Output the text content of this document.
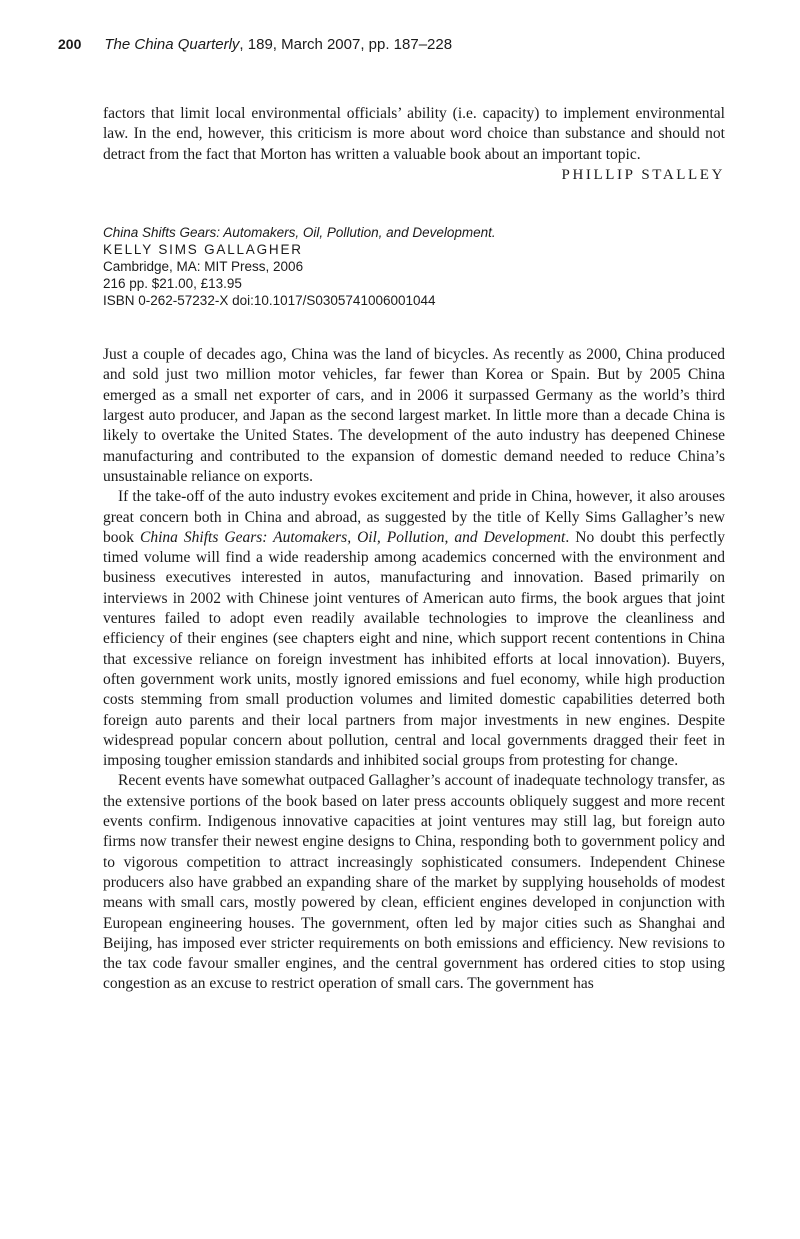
200 The China Quarterly, 189, March 2007, pp. 187–228

factors that limit local environmental officials’ ability (i.e. capacity) to implement environmental law. In the end, however, this criticism is more about word choice than substance and should not detract from the fact that Morton has written a valuable book about an important topic.

PHILLIP STALLEY

China Shifts Gears: Automakers, Oil, Pollution, and Development.
KELLY SIMS GALLAGHER
Cambridge, MA: MIT Press, 2006
216 pp. $21.00, £13.95
ISBN 0-262-57232-X doi:10.1017/S0305741006001044

Just a couple of decades ago, China was the land of bicycles. As recently as 2000, China produced and sold just two million motor vehicles, far fewer than Korea or Spain. But by 2005 China emerged as a small net exporter of cars, and in 2006 it surpassed Germany as the world’s third largest auto producer, and Japan as the second largest market. In little more than a decade China is likely to overtake the United States. The development of the auto industry has deepened Chinese manufacturing and contributed to the expansion of domestic demand needed to reduce China’s unsustainable reliance on exports.

If the take-off of the auto industry evokes excitement and pride in China, however, it also arouses great concern both in China and abroad, as suggested by the title of Kelly Sims Gallagher’s new book China Shifts Gears: Automakers, Oil, Pollution, and Development. No doubt this perfectly timed volume will find a wide readership among academics concerned with the environment and business executives interested in autos, manufacturing and innovation. Based primarily on interviews in 2002 with Chinese joint ventures of American auto firms, the book argues that joint ventures failed to adopt even readily available technologies to improve the cleanliness and efficiency of their engines (see chapters eight and nine, which support recent contentions in China that excessive reliance on foreign investment has inhibited efforts at local innovation). Buyers, often government work units, mostly ignored emissions and fuel economy, while high production costs stemming from small production volumes and limited domestic capabilities deterred both foreign auto parents and their local partners from major investments in new engines. Despite widespread popular concern about pollution, central and local governments dragged their feet in imposing tougher emission standards and inhibited social groups from protesting for change.

Recent events have somewhat outpaced Gallagher’s account of inadequate technology transfer, as the extensive portions of the book based on later press accounts obliquely suggest and more recent events confirm. Indigenous innovative capacities at joint ventures may still lag, but foreign auto firms now transfer their newest engine designs to China, responding both to government policy and to vigorous competition to attract increasingly sophisticated consumers. Independent Chinese producers also have grabbed an expanding share of the market by supplying households of modest means with small cars, mostly powered by clean, efficient engines developed in conjunction with European engineering houses. The government, often led by major cities such as Shanghai and Beijing, has imposed ever stricter requirements on both emissions and efficiency. New revisions to the tax code favour smaller engines, and the central government has ordered cities to stop using congestion as an excuse to restrict operation of small cars. The government has
